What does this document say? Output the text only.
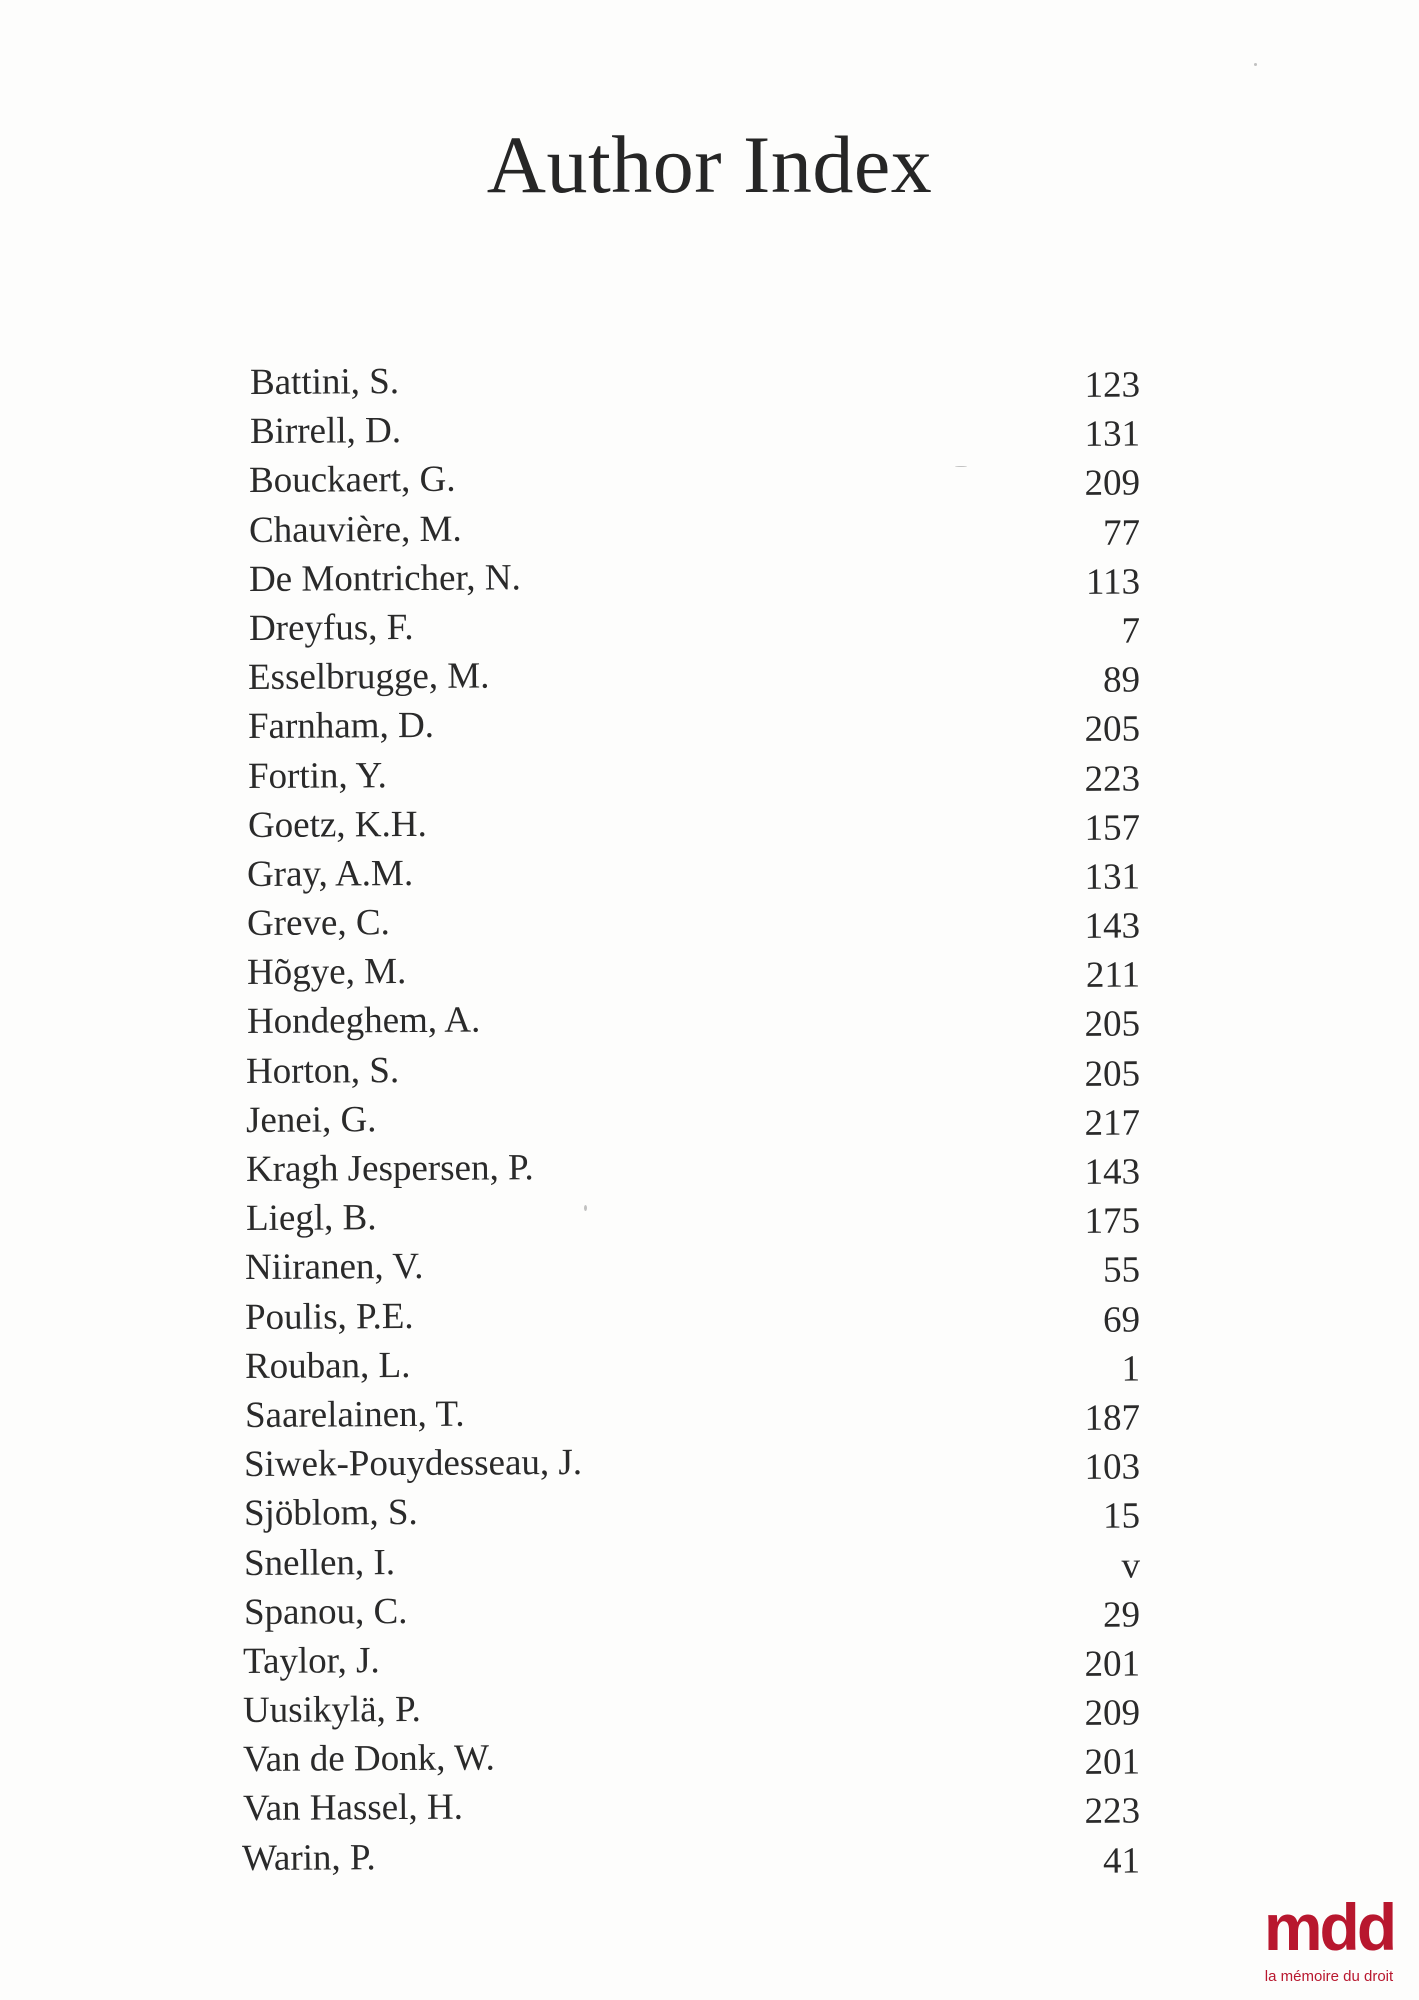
Author Index
Battini, S.	123
Birrell, D.	131
Bouckaert, G.	209
Chauvière, M.	77
De Montricher, N.	113
Dreyfus, F.	7
Esselbrugge, M.	89
Farnham, D.	205
Fortin, Y.	223
Goetz, K.H.	157
Gray, A.M.	131
Greve, C.	143
Hõgye, M.	211
Hondeghem, A.	205
Horton, S.	205
Jenei, G.	217
Kragh Jespersen, P.	143
Liegl, B.	175
Niiranen, V.	55
Poulis, P.E.	69
Rouban, L.	1
Saarelainen, T.	187
Siwek-Pouydesseau, J.	103
Sjöblom, S.	15
Snellen, I.	v
Spanou, C.	29
Taylor, J.	201
Uusikylä, P.	209
Van de Donk, W.	201
Van Hassel, H.	223
Warin, P.	41
mdd
la mémoire du droit
